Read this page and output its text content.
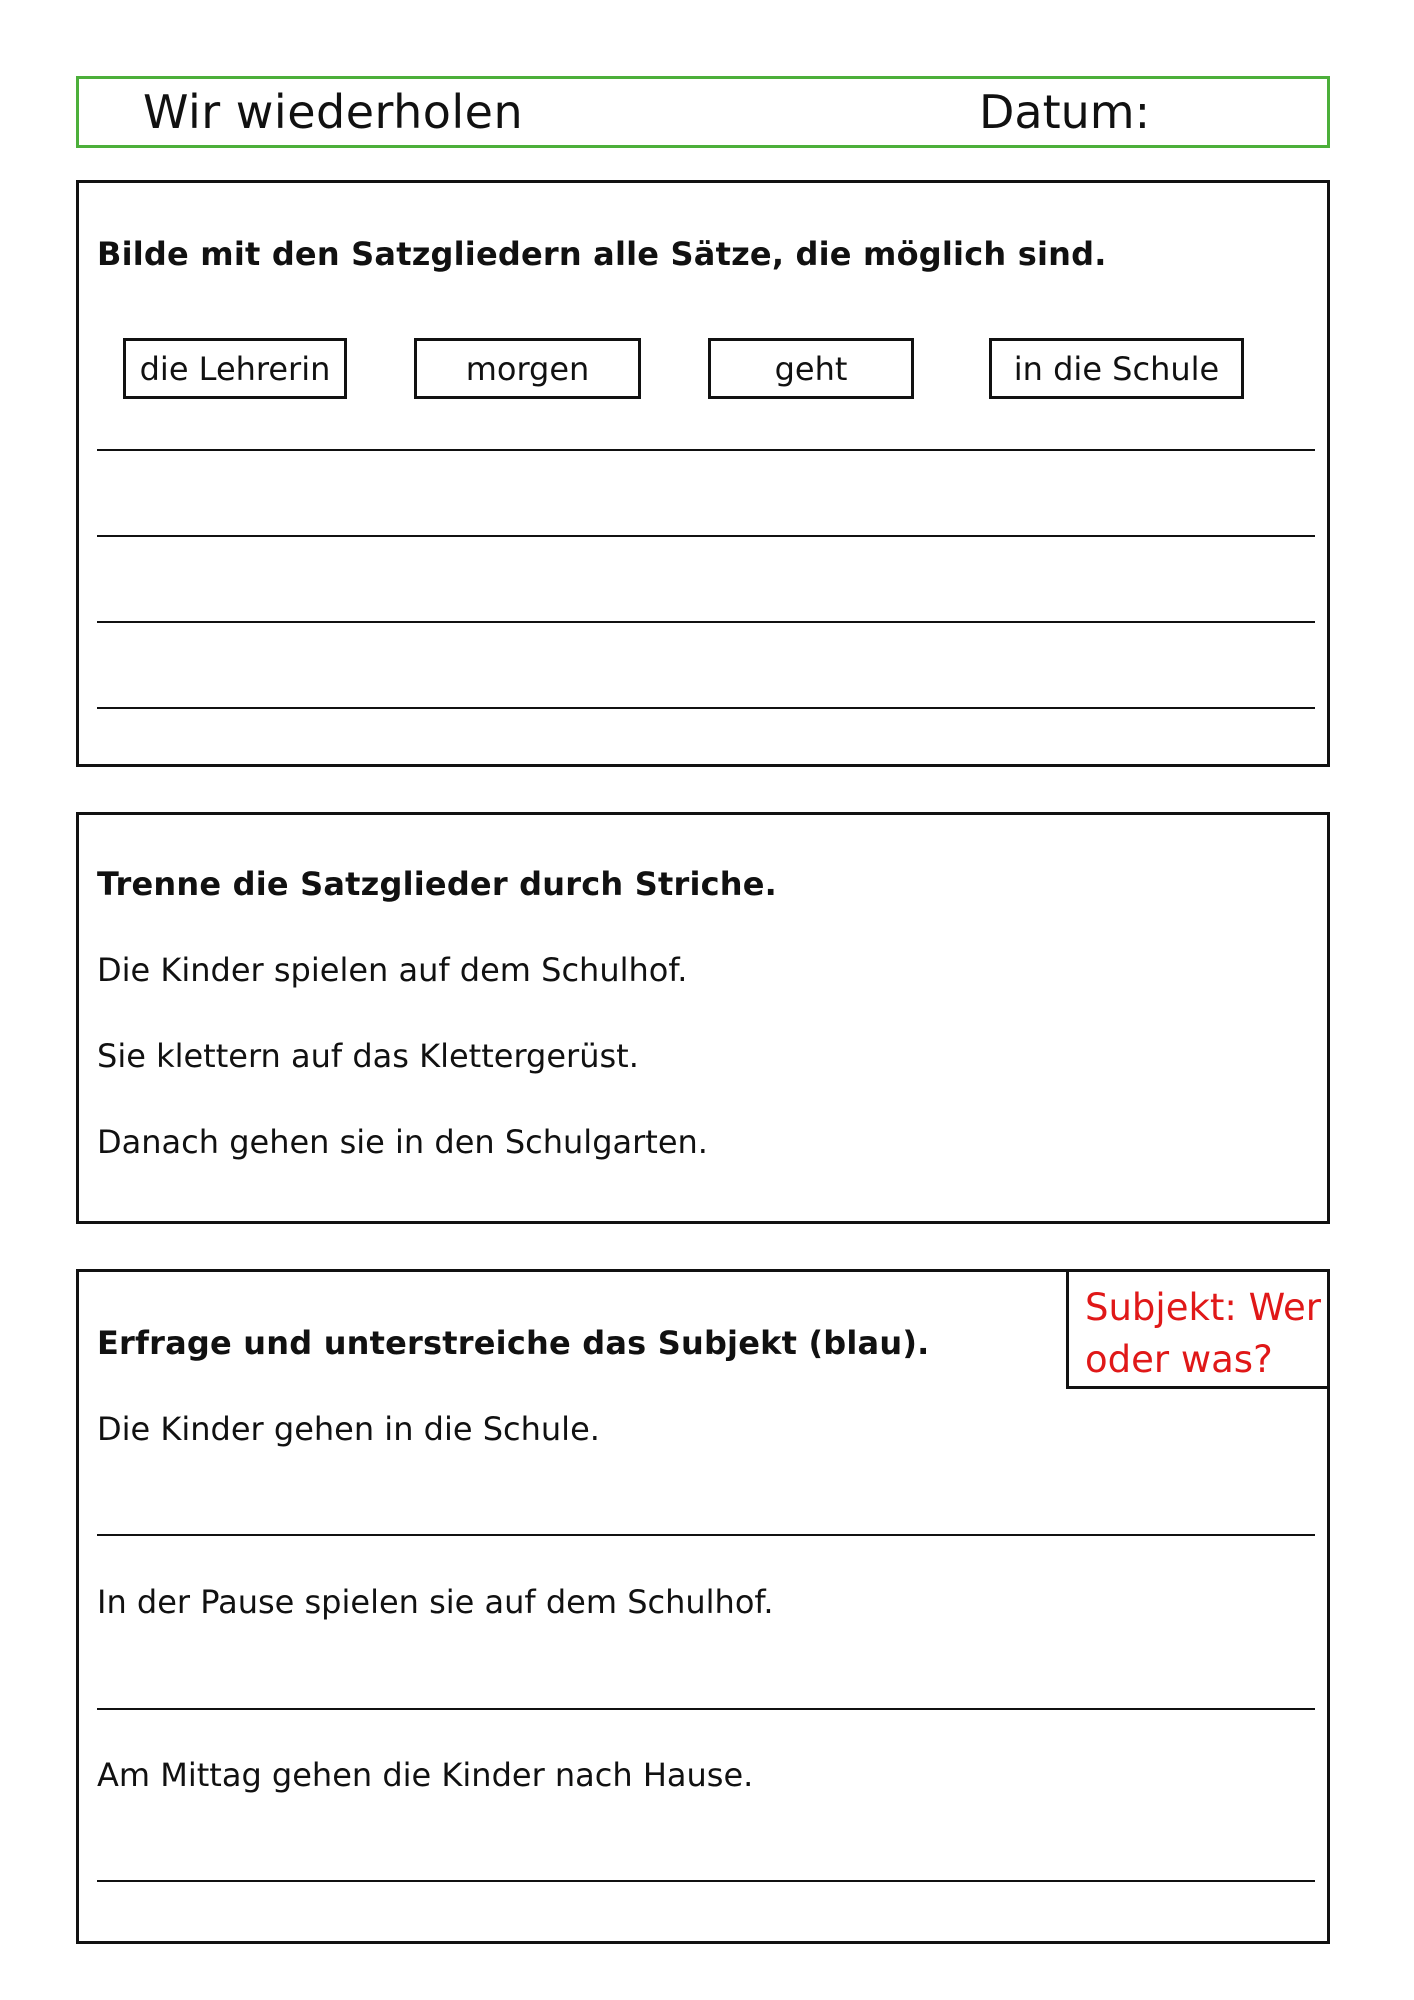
Wir wiederholen	Datum:
Bilde mit den Satzgliedern alle Sätze, die möglich sind.
die Lehrerin	morgen	geht	in die Schule
Trenne die Satzglieder durch Striche.
Die Kinder spielen auf dem Schulhof.
Sie klettern auf das Klettergerüst.
Danach gehen sie in den Schulgarten.
Subjekt: Wer oder was?
Erfrage und unterstreiche das Subjekt (blau).
Die Kinder gehen in die Schule.
In der Pause spielen sie auf dem Schulhof.
Am Mittag gehen die Kinder nach Hause.
